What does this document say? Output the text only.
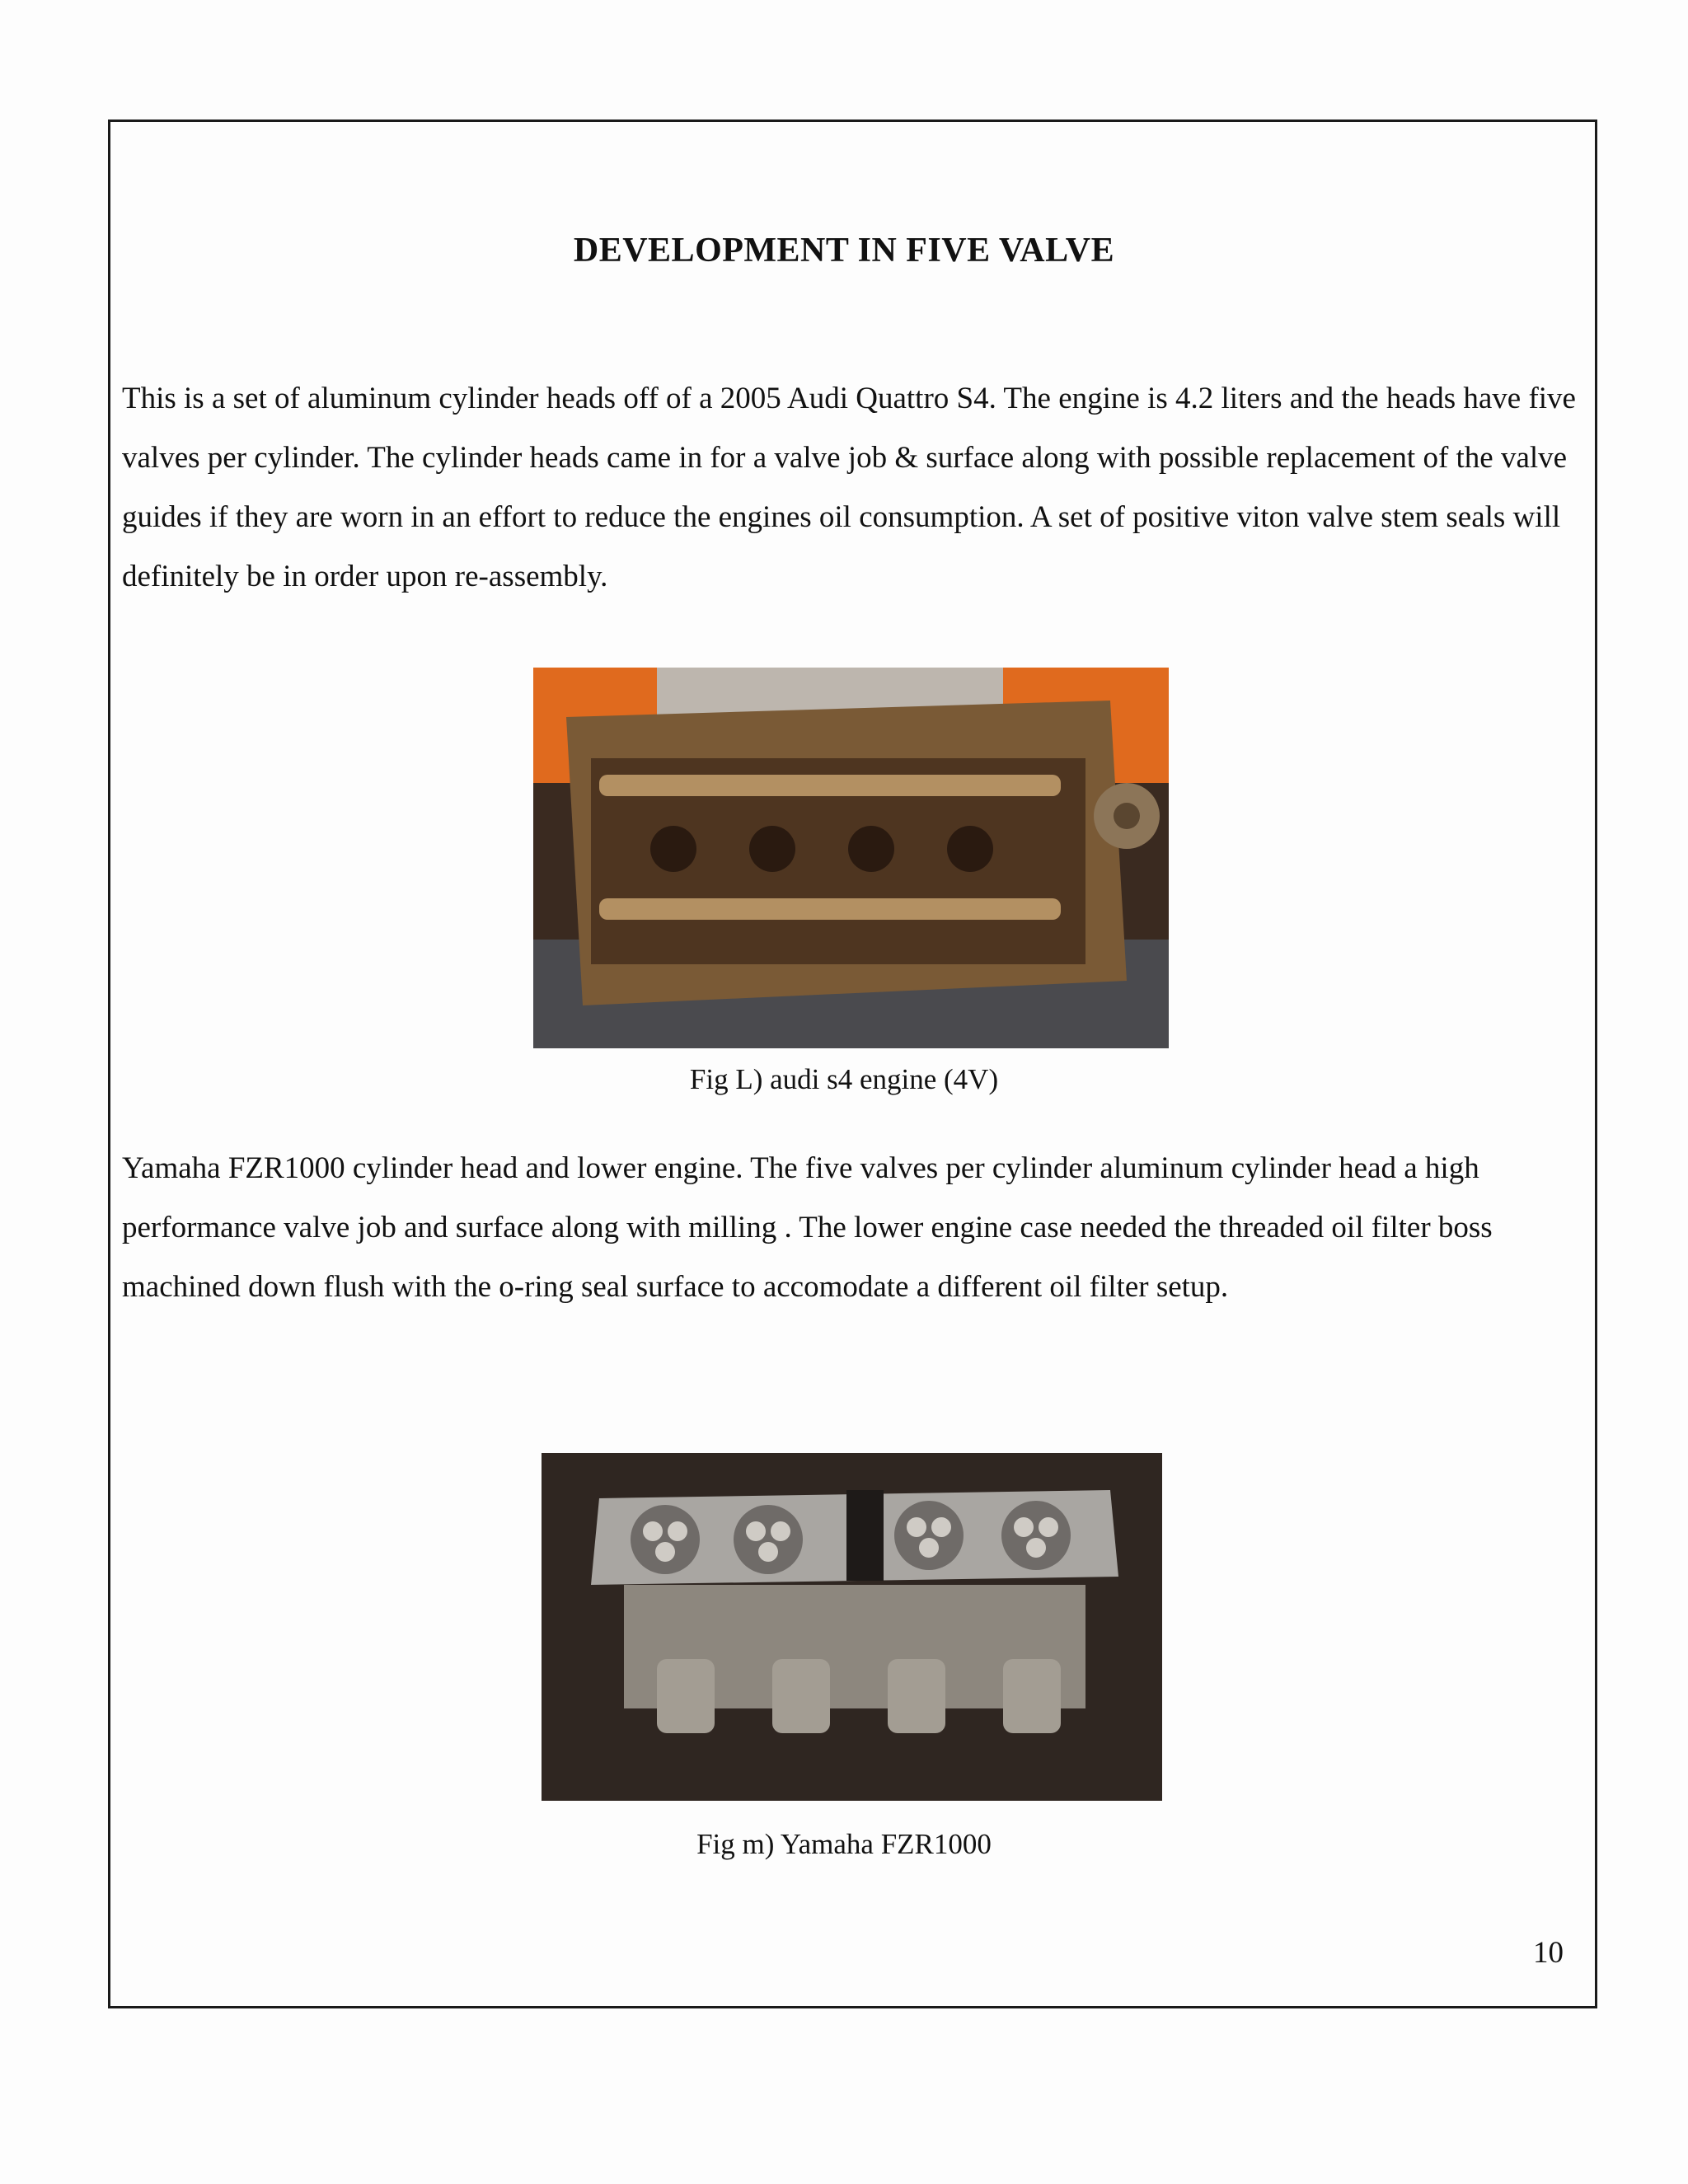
DEVELOPMENT IN FIVE VALVE

This is a set of aluminum cylinder heads off of a 2005 Audi Quattro S4. The engine is 4.2 liters and the heads have five valves per cylinder. The cylinder heads came in for a valve job & surface along with possible replacement of the valve guides if they are worn in an effort to reduce the engines oil consumption. A set of positive viton valve stem seals will definitely be in order upon re-assembly.

Fig L) audi s4 engine (4V)

Yamaha FZR1000 cylinder head and lower engine. The five valves per cylinder aluminum cylinder head a high performance valve job and surface along with milling . The lower engine case needed the threaded oil filter boss machined down flush with the o-ring seal surface to accomodate a different oil filter setup.

Fig m) Yamaha FZR1000
10
